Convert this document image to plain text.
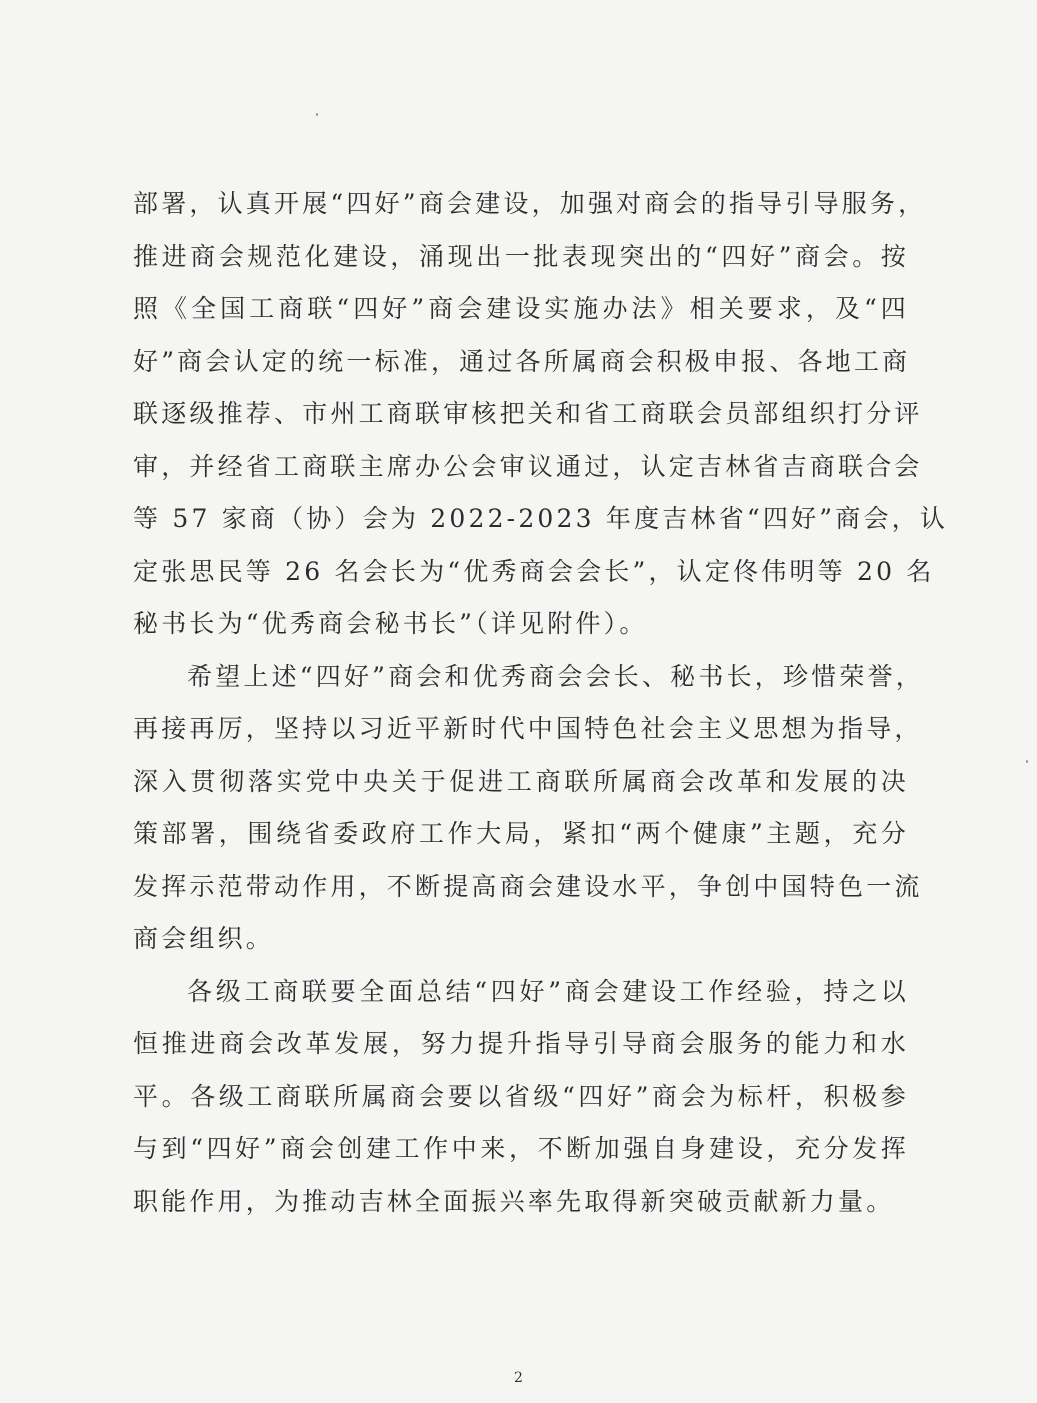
部署，认真开展“四好”商会建设，加强对商会的指导引导服务，
推进商会规范化建设，涌现出一批表现突出的“四好”商会。按
照《全国工商联“四好”商会建设实施办法》相关要求，及“四
好”商会认定的统一标准，通过各所属商会积极申报、各地工商
联逐级推荐、市州工商联审核把关和省工商联会员部组织打分评
审，并经省工商联主席办公会审议通过，认定吉林省吉商联合会
等 57 家商（协）会为 2022-2023 年度吉林省“四好”商会，认
定张思民等 26 名会长为“优秀商会会长”，认定佟伟明等 20 名
秘书长为“优秀商会秘书长”（详见附件）。
希望上述“四好”商会和优秀商会会长、秘书长，珍惜荣誉，
再接再厉，坚持以习近平新时代中国特色社会主义思想为指导，
深入贯彻落实党中央关于促进工商联所属商会改革和发展的决
策部署，围绕省委政府工作大局，紧扣“两个健康”主题，充分
发挥示范带动作用，不断提高商会建设水平，争创中国特色一流
商会组织。
各级工商联要全面总结“四好”商会建设工作经验，持之以
恒推进商会改革发展，努力提升指导引导商会服务的能力和水
平。各级工商联所属商会要以省级“四好”商会为标杆，积极参
与到“四好”商会创建工作中来，不断加强自身建设，充分发挥
职能作用，为推动吉林全面振兴率先取得新突破贡献新力量。
2
